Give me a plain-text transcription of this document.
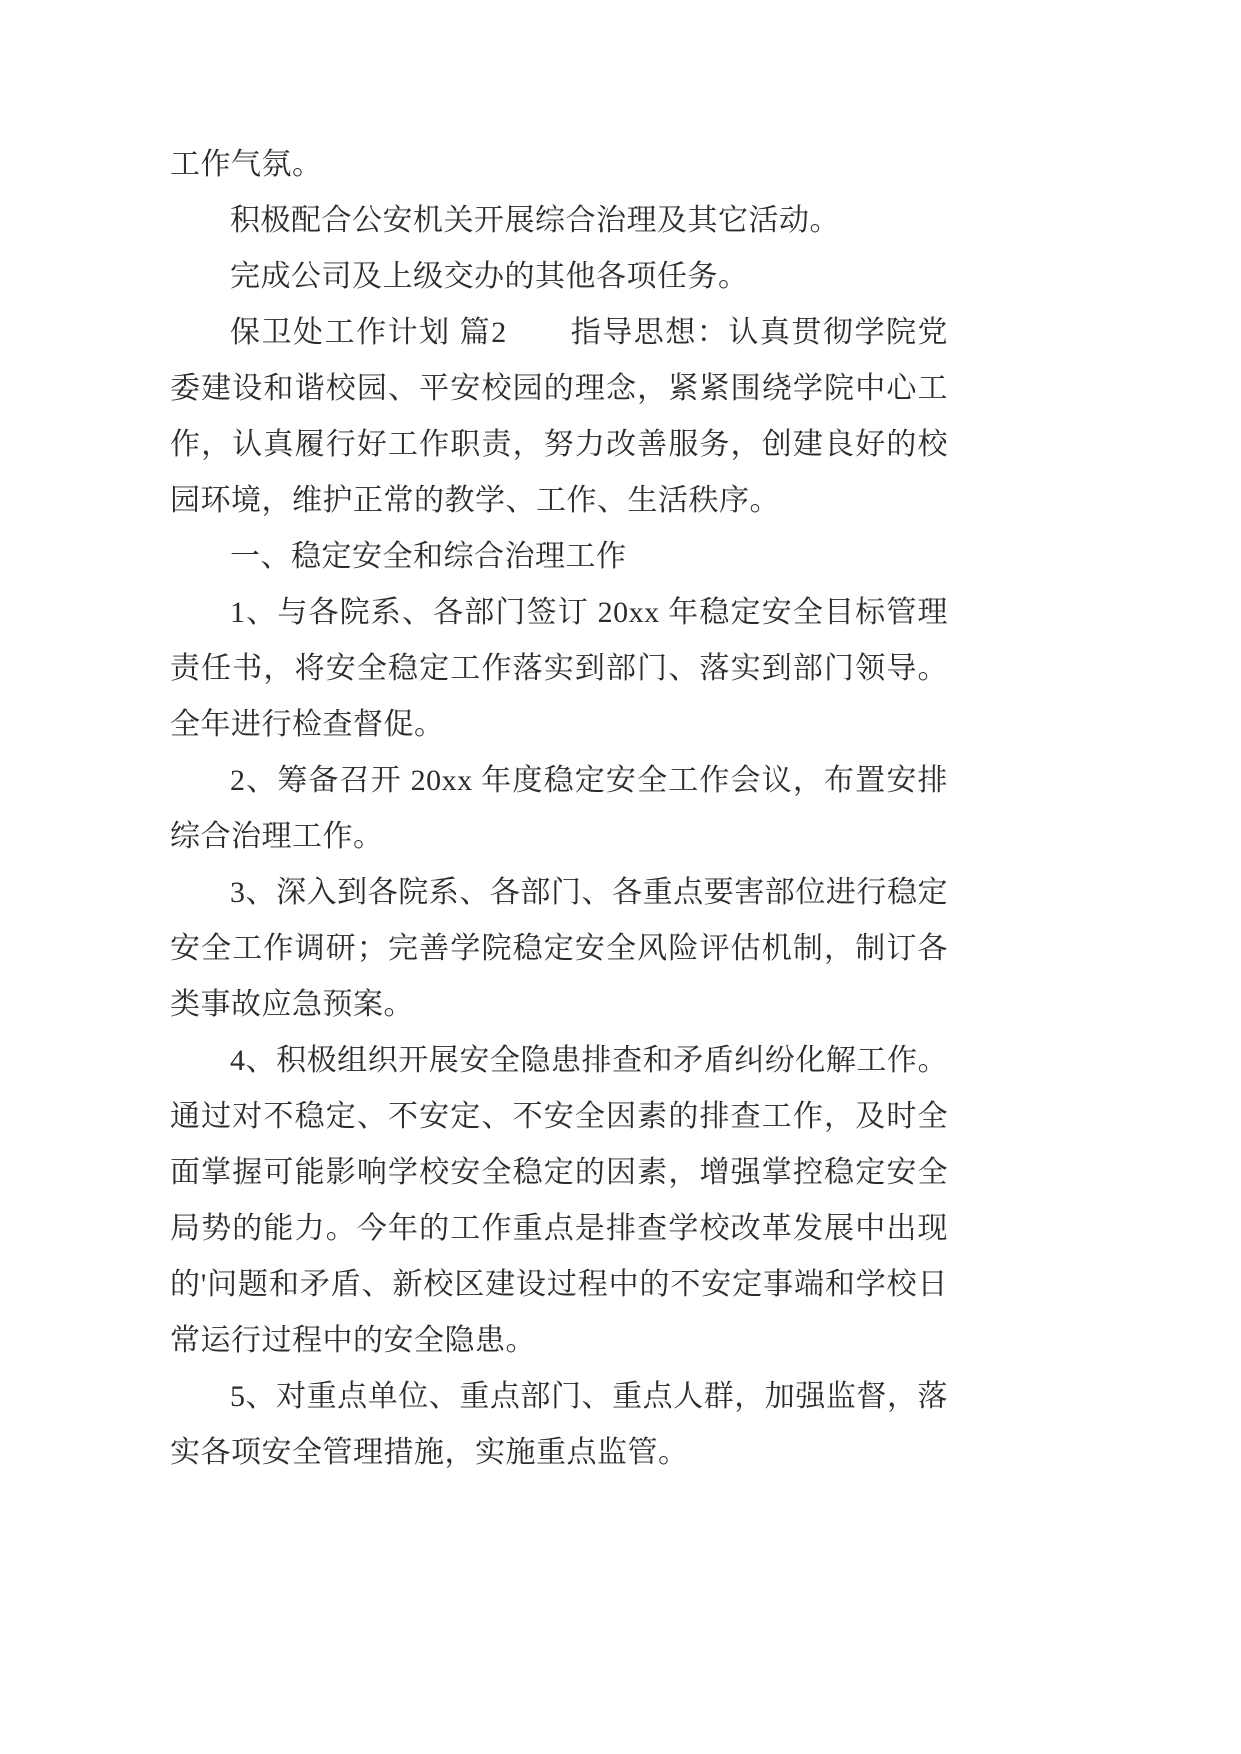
工作气氛。

积极配合公安机关开展综合治理及其它活动。

完成公司及上级交办的其他各项任务。

保卫处工作计划 篇2　　指导思想：认真贯彻学院党委建设和谐校园、平安校园的理念，紧紧围绕学院中心工作，认真履行好工作职责，努力改善服务，创建良好的校园环境，维护正常的教学、工作、生活秩序。

一、稳定安全和综合治理工作

1、与各院系、各部门签订 20xx 年稳定安全目标管理责任书，将安全稳定工作落实到部门、落实到部门领导。全年进行检查督促。

2、筹备召开 20xx 年度稳定安全工作会议，布置安排综合治理工作。

3、深入到各院系、各部门、各重点要害部位进行稳定安全工作调研；完善学院稳定安全风险评估机制，制订各类事故应急预案。

4、积极组织开展安全隐患排查和矛盾纠纷化解工作。通过对不稳定、不安定、不安全因素的排查工作，及时全面掌握可能影响学校安全稳定的因素，增强掌控稳定安全局势的能力。今年的工作重点是排查学校改革发展中出现的'问题和矛盾、新校区建设过程中的不安定事端和学校日常运行过程中的安全隐患。

5、对重点单位、重点部门、重点人群，加强监督，落实各项安全管理措施，实施重点监管。
